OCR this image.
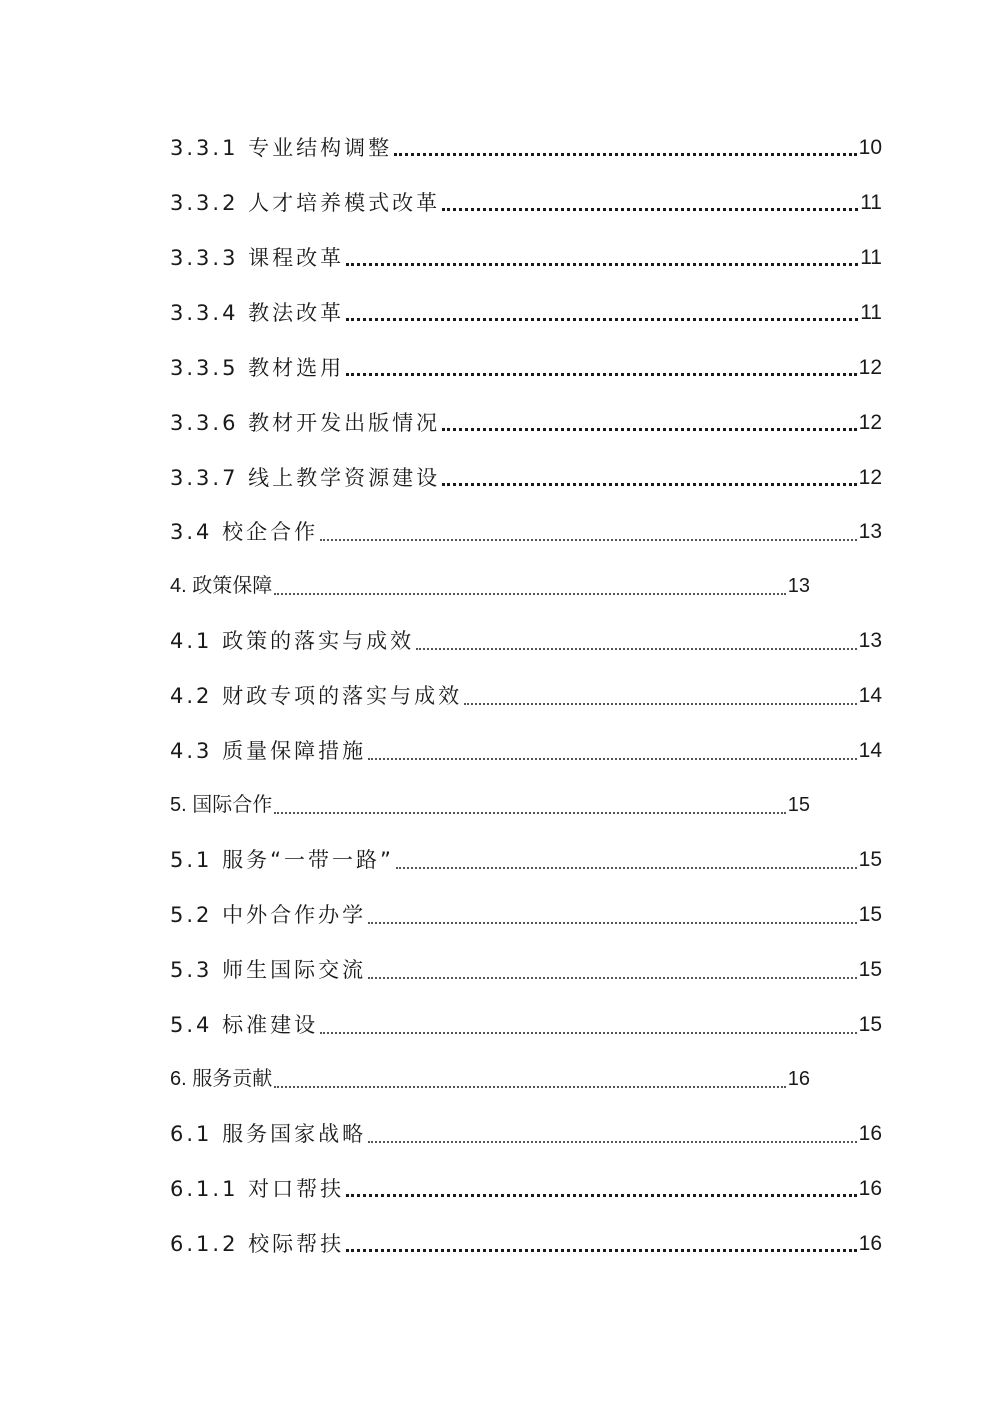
3.3.1 专业结构调整	10
3.3.2 人才培养模式改革	11
3.3.3 课程改革	11
3.3.4 教法改革	11
3.3.5 教材选用	12
3.3.6 教材开发出版情况	12
3.3.7 线上教学资源建设	12
3.4 校企合作	13
4. 政策保障	13
4.1 政策的落实与成效	13
4.2 财政专项的落实与成效	14
4.3 质量保障措施	14
5. 国际合作	15
5.1 服务“一带一路”	15
5.2 中外合作办学	15
5.3 师生国际交流	15
5.4 标准建设	15
6. 服务贡献	16
6.1 服务国家战略	16
6.1.1 对口帮扶	16
6.1.2 校际帮扶	16
